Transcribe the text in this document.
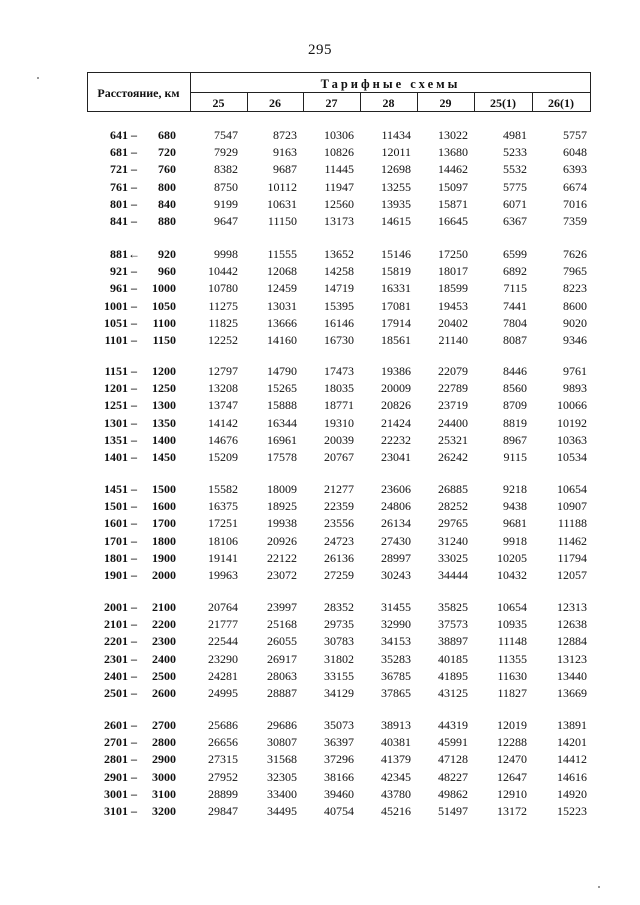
295
Расстояние, км
Тарифные схемы
25	26	27	28	29	25(1)	26(1)
641 –	680	7547	8723	10306	11434	13022	4981	5757
681 –	720	7929	9163	10826	12011	13680	5233	6048
721 –	760	8382	9687	11445	12698	14462	5532	6393
761 –	800	8750	10112	11947	13255	15097	5775	6674
801 –	840	9199	10631	12560	13935	15871	6071	7016
841 –	880	9647	11150	13173	14615	16645	6367	7359
881 ←	920	9998	11555	13652	15146	17250	6599	7626
921 –	960	10442	12068	14258	15819	18017	6892	7965
961 –	1000	10780	12459	14719	16331	18599	7115	8223
1001 –	1050	11275	13031	15395	17081	19453	7441	8600
1051 –	1100	11825	13666	16146	17914	20402	7804	9020
1101 –	1150	12252	14160	16730	18561	21140	8087	9346
1151 –	1200	12797	14790	17473	19386	22079	8446	9761
1201 –	1250	13208	15265	18035	20009	22789	8560	9893
1251 –	1300	13747	15888	18771	20826	23719	8709	10066
1301 –	1350	14142	16344	19310	21424	24400	8819	10192
1351 –	1400	14676	16961	20039	22232	25321	8967	10363
1401 –	1450	15209	17578	20767	23041	26242	9115	10534
1451 –	1500	15582	18009	21277	23606	26885	9218	10654
1501 –	1600	16375	18925	22359	24806	28252	9438	10907
1601 –	1700	17251	19938	23556	26134	29765	9681	11188
1701 –	1800	18106	20926	24723	27430	31240	9918	11462
1801 –	1900	19141	22122	26136	28997	33025	10205	11794
1901 –	2000	19963	23072	27259	30243	34444	10432	12057
2001 –	2100	20764	23997	28352	31455	35825	10654	12313
2101 –	2200	21777	25168	29735	32990	37573	10935	12638
2201 –	2300	22544	26055	30783	34153	38897	11148	12884
2301 –	2400	23290	26917	31802	35283	40185	11355	13123
2401 –	2500	24281	28063	33155	36785	41895	11630	13440
2501 –	2600	24995	28887	34129	37865	43125	11827	13669
2601 –	2700	25686	29686	35073	38913	44319	12019	13891
2701 –	2800	26656	30807	36397	40381	45991	12288	14201
2801 –	2900	27315	31568	37296	41379	47128	12470	14412
2901 –	3000	27952	32305	38166	42345	48227	12647	14616
3001 –	3100	28899	33400	39460	43780	49862	12910	14920
3101 –	3200	29847	34495	40754	45216	51497	13172	15223
